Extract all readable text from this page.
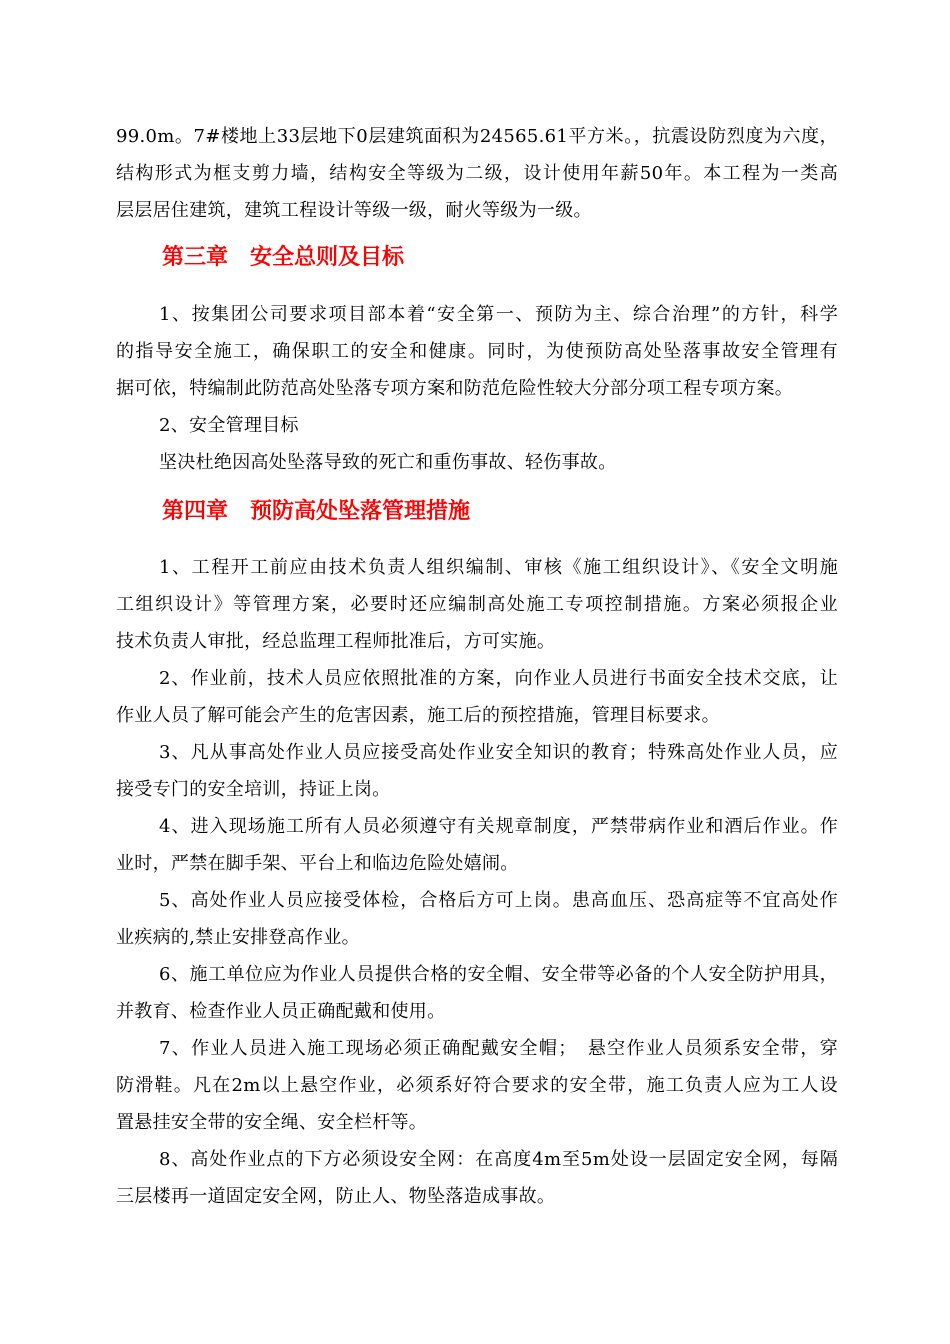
99.0m。7#楼地上33层地下0层建筑面积为24565.61平方米。，抗震设防烈度为六度，
结构形式为框支剪力墙，结构安全等级为二级，设计使用年薪50年。本工程为一类高
层层居住建筑，建筑工程设计等级一级，耐火等级为一级。
第三章　安全总则及目标
1、按集团公司要求项目部本着“安全第一、预防为主、综合治理”的方针，科学
的指导安全施工，确保职工的安全和健康。同时，为使预防高处坠落事故安全管理有
据可依，特编制此防范高处坠落专项方案和防范危险性较大分部分项工程专项方案。
2、安全管理目标
坚决杜绝因高处坠落导致的死亡和重伤事故、轻伤事故。
第四章　预防高处坠落管理措施
1、工程开工前应由技术负责人组织编制、审核《施工组织设计》、《安全文明施
工组织设计》等管理方案，必要时还应编制高处施工专项控制措施。方案必须报企业
技术负责人审批，经总监理工程师批准后，方可实施。
2、作业前，技术人员应依照批准的方案，向作业人员进行书面安全技术交底，让
作业人员了解可能会产生的危害因素，施工后的预控措施，管理目标要求。
3、凡从事高处作业人员应接受高处作业安全知识的教育；特殊高处作业人员，应
接受专门的安全培训，持证上岗。
4、进入现场施工所有人员必须遵守有关规章制度，严禁带病作业和酒后作业。作
业时，严禁在脚手架、平台上和临边危险处嬉闹。
5、高处作业人员应接受体检，合格后方可上岗。患高血压、恐高症等不宜高处作
业疾病的,禁止安排登高作业。
6、施工单位应为作业人员提供合格的安全帽、安全带等必备的个人安全防护用具，
并教育、检查作业人员正确配戴和使用。
7、作业人员进入施工现场必须正确配戴安全帽；　悬空作业人员须系安全带，穿
防滑鞋。凡在2m以上悬空作业，必须系好符合要求的安全带，施工负责人应为工人设
置悬挂安全带的安全绳、安全栏杆等。
8、高处作业点的下方必须设安全网：在高度4m至5m处设一层固定安全网，每隔
三层楼再一道固定安全网，防止人、物坠落造成事故。
